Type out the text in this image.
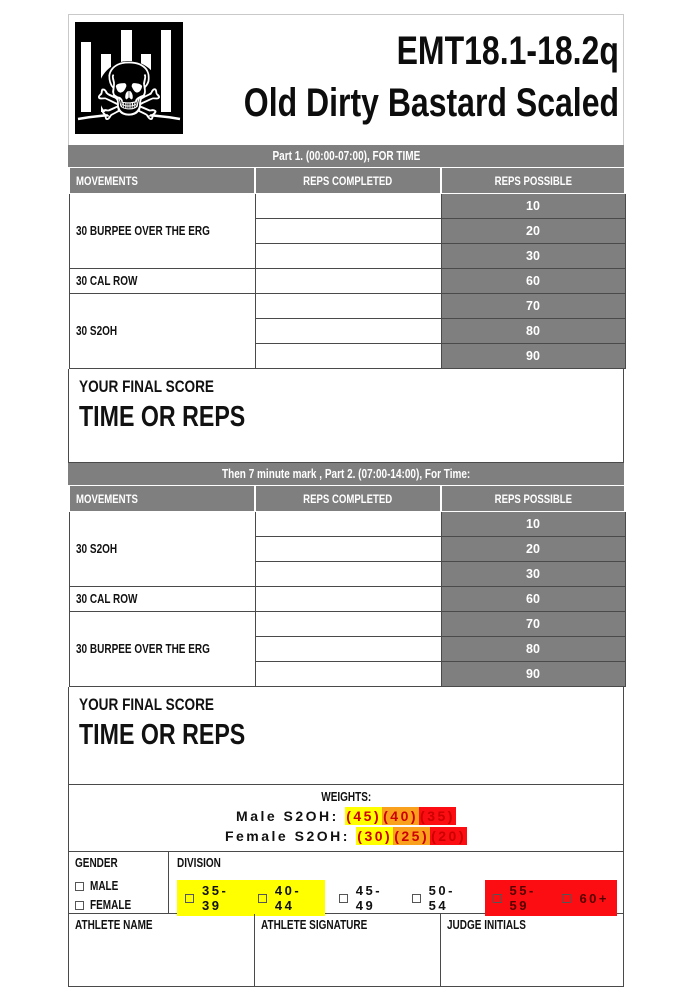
☠	EMT18.1-18.2q
Old Dirty Bastard Scaled
Part 1. (00:00-07:00), FOR TIME
MOVEMENTS	REPS COMPLETED	REPS POSSIBLE
30 BURPEE OVER THE ERG		10
		20
		30
30 CAL ROW		60
30 S2OH		70
		80
		90
YOUR FINAL SCORE
TIME OR REPS
Then 7 minute mark , Part 2. (07:00-14:00), For Time:
MOVEMENTS	REPS COMPLETED	REPS POSSIBLE
30 S2OH		10
		20
		30
30 CAL ROW		60
30 BURPEE OVER THE ERG		70
		80
		90
YOUR FINAL SCORE
TIME OR REPS
WEIGHTS:
Male S2OH: (45) (40) (35)
Female S2OH: (30) (25) (20)
GENDER
MALE
FEMALE
DIVISION
35-39
40-44
45-49
50-54
55-59	60+
ATHLETE NAME	ATHLETE SIGNATURE	JUDGE INITIALS
